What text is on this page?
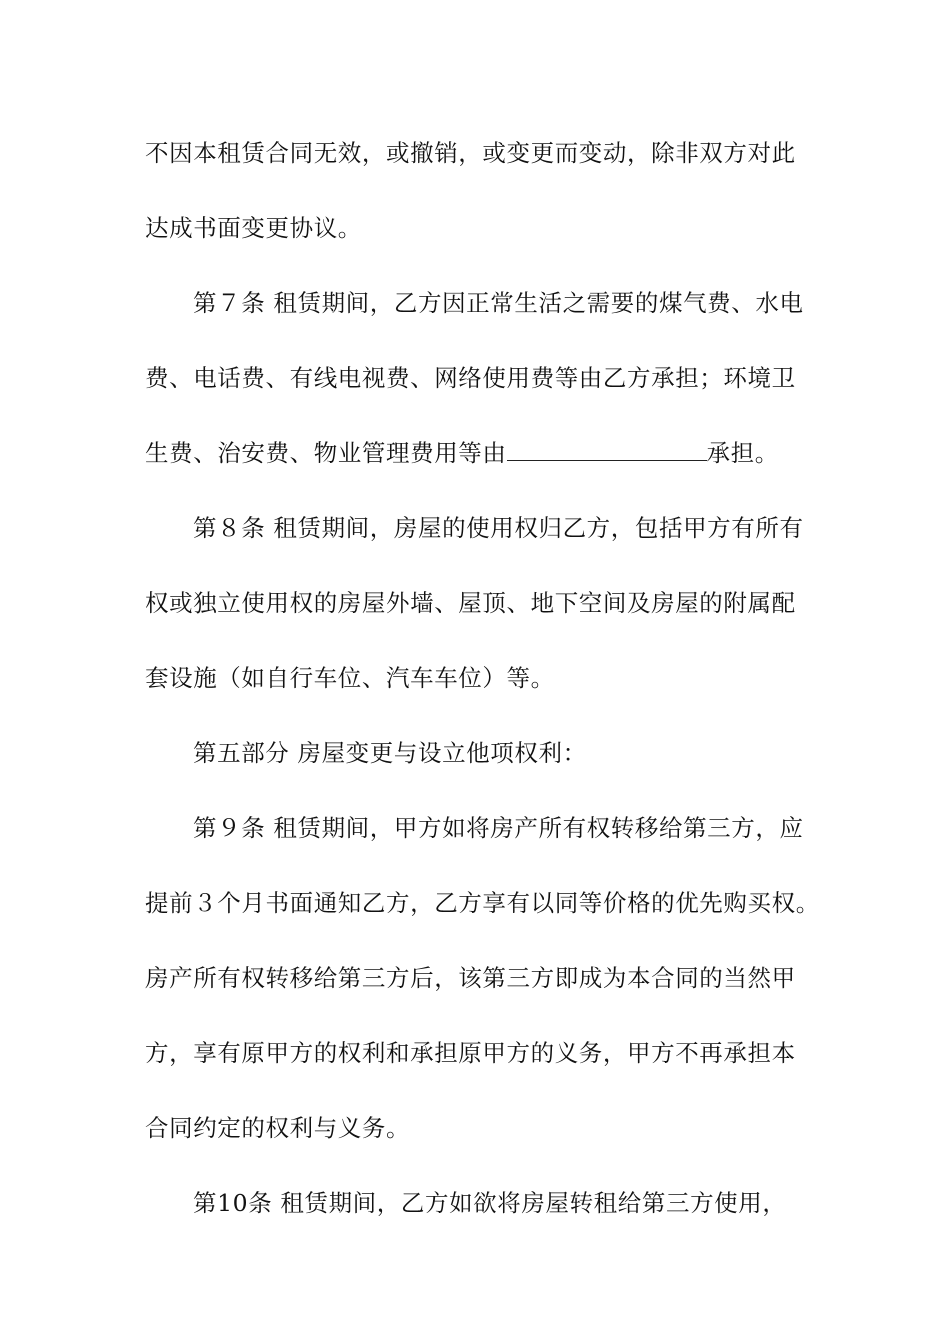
不因本租赁合同无效，或撤销，或变更而变动，除非双方对此
达成书面变更协议。
第７条 租赁期间，乙方因正常生活之需要的煤气费、水电
费、电话费、有线电视费、网络使用费等由乙方承担；环境卫
生费、治安费、物业管理费用等由	承担。
第８条 租赁期间，房屋的使用权归乙方，包括甲方有所有
权或独立使用权的房屋外墙、屋顶、地下空间及房屋的附属配
套设施（如自行车位、汽车车位）等。
第五部分 房屋变更与设立他项权利：
第９条 租赁期间，甲方如将房产所有权转移给第三方，应
提前３个月书面通知乙方，乙方享有以同等价格的优先购买权。
房产所有权转移给第三方后，该第三方即成为本合同的当然甲
方，享有原甲方的权利和承担原甲方的义务，甲方不再承担本
合同约定的权利与义务。
第10条 租赁期间，乙方如欲将房屋转租给第三方使用，
